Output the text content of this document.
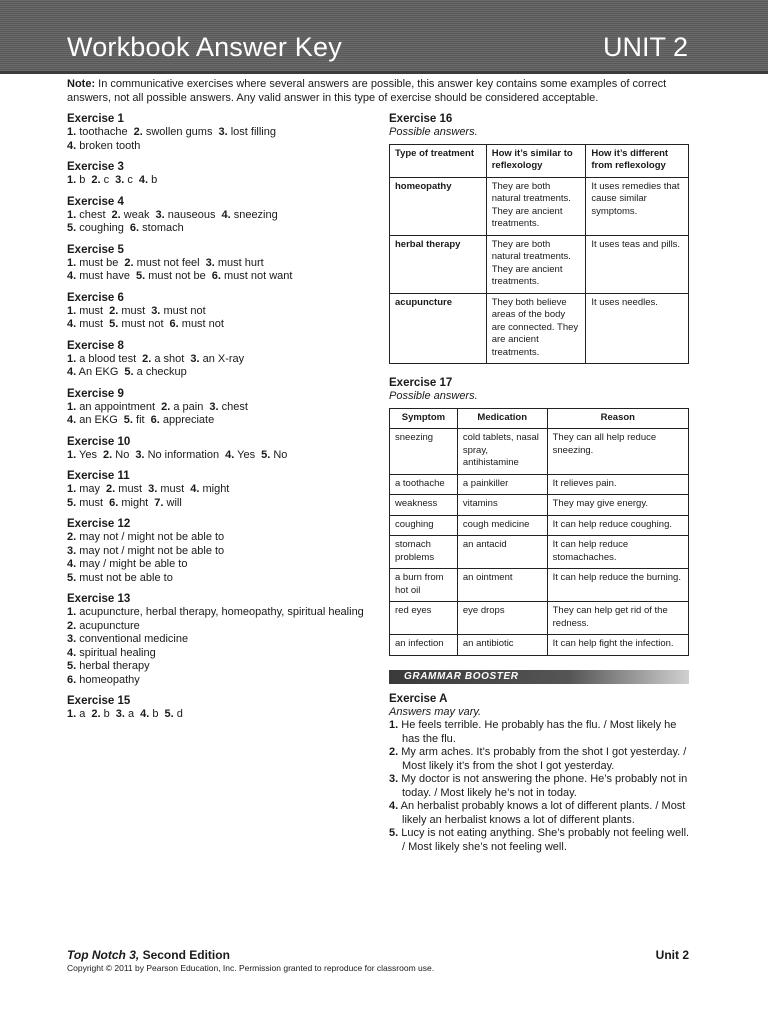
Workbook Answer Key	UNIT 2
Note: In communicative exercises where several answers are possible, this answer key contains some examples of correct answers, not all possible answers. Any valid answer in this type of exercise should be considered acceptable.
Exercise 1
1. toothache 2. swollen gums 3. lost filling
4. broken tooth
Exercise 3
1. b 2. c 3. c 4. b
Exercise 4
1. chest 2. weak 3. nauseous 4. sneezing
5. coughing 6. stomach
Exercise 5
1. must be 2. must not feel 3. must hurt
4. must have 5. must not be 6. must not want
Exercise 6
1. must 2. must 3. must not
4. must 5. must not 6. must not
Exercise 8
1. a blood test 2. a shot 3. an X-ray
4. An EKG 5. a checkup
Exercise 9
1. an appointment 2. a pain 3. chest
4. an EKG 5. fit 6. appreciate
Exercise 10
1. Yes 2. No 3. No information 4. Yes 5. No
Exercise 11
1. may 2. must 3. must 4. might
5. must 6. might 7. will
Exercise 12
2. may not / might not be able to
3. may not / might not be able to
4. may / might be able to
5. must not be able to
Exercise 13
1. acupuncture, herbal therapy, homeopathy, spiritual healing
2. acupuncture
3. conventional medicine
4. spiritual healing
5. herbal therapy
6. homeopathy
Exercise 15
1. a 2. b 3. a 4. b 5. d
Exercise 16
Possible answers.
Type of treatment	How it’s similar to reflexology	How it’s different from reflexology
homeopathy	They are both natural treatments. They are ancient treatments.	It uses remedies that cause similar symptoms.
herbal therapy	They are both natural treatments. They are ancient treatments.	It uses teas and pills.
acupuncture	They both believe areas of the body are connected. They are ancient treatments.	It uses needles.
Exercise 17
Possible answers.
Symptom	Medication	Reason
sneezing	cold tablets, nasal spray, antihistamine	They can all help reduce sneezing.
a toothache	a painkiller	It relieves pain.
weakness	vitamins	They may give energy.
coughing	cough medicine	It can help reduce coughing.
stomach problems	an antacid	It can help reduce stomachaches.
a burn from hot oil	an ointment	It can help reduce the burning.
red eyes	eye drops	They can help get rid of the redness.
an infection	an antibiotic	It can help fight the infection.
GRAMMAR BOOSTER
Exercise A
Answers may vary.
1. He feels terrible. He probably has the flu. / Most likely he has the flu.
2. My arm aches. It’s probably from the shot I got yesterday. / Most likely it’s from the shot I got yesterday.
3. My doctor is not answering the phone. He’s probably not in today. / Most likely he’s not in today.
4. An herbalist probably knows a lot of different plants. / Most likely an herbalist knows a lot of different plants.
5. Lucy is not eating anything. She’s probably not feeling well. / Most likely she’s not feeling well.
Top Notch 3, Second Edition
Copyright © 2011 by Pearson Education, Inc. Permission granted to reproduce for classroom use.
Unit 2
